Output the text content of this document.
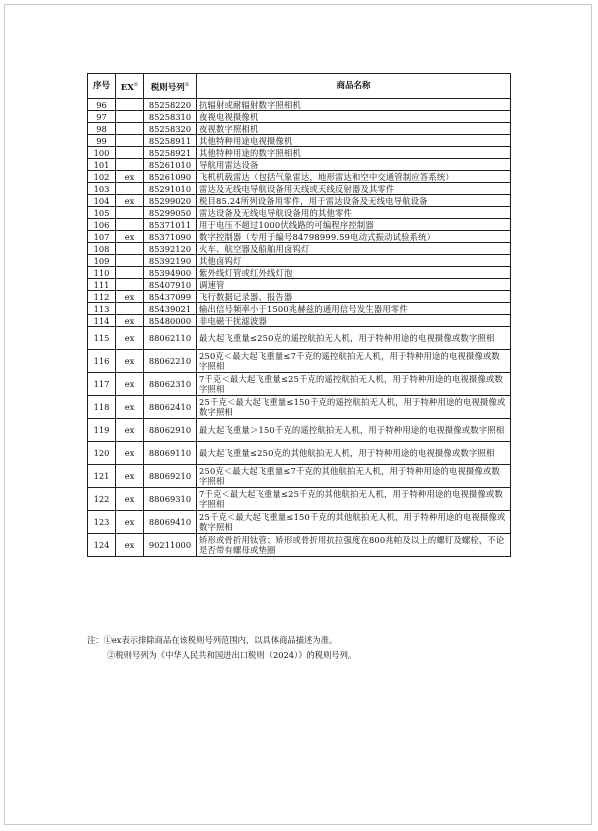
序号	EX①	税则号列②	商品名称
96		85258220	抗辐射或耐辐射数字照相机
97		85258310	夜视电视摄像机
98		85258320	夜视数字照相机
99		85258911	其他特种用途电视摄像机
100		85258921	其他特种用途的数字照相机
101		85261010	导航用雷达设备
102	ex	85261090	飞机机载雷达（包括气象雷达，地形雷达和空中交通管制应答系统）
103		85291010	雷达及无线电导航设备用天线或天线反射器及其零件
104	ex	85299020	税目85.24所列设备用零件，用于雷达设备及无线电导航设备
105		85299050	雷达设备及无线电导航设备用的其他零件
106		85371011	用于电压不超过1000伏线路的可编程序控制器
107	ex	85371090	数字控制器（专用于编号84798999.59电动式振动试验系统）
108		85392120	火车、航空器及船舶用卤钨灯
109		85392190	其他卤钨灯
110		85394900	紫外线灯管或红外线灯泡
111		85407910	调速管
112	ex	85437099	飞行数据记录器、报告器
113		85439021	输出信号频率小于1500兆赫兹的通用信号发生器用零件
114	ex	85480000	非电磁干扰滤波器
115	ex	88062110	最大起飞重量≤250克的遥控航拍无人机，用于特种用途的电视摄像或数字照相
116	ex	88062210	250克＜最大起飞重量≤7千克的遥控航拍无人机，用于特种用途的电视摄像或数字照相
117	ex	88062310	7千克＜最大起飞重量≤25千克的遥控航拍无人机，用于特种用途的电视摄像或数字照相
118	ex	88062410	25千克＜最大起飞重量≤150千克的遥控航拍无人机，用于特种用途的电视摄像或数字照相
119	ex	88062910	最大起飞重量＞150千克的遥控航拍无人机，用于特种用途的电视摄像或数字照相
120	ex	88069110	最大起飞重量≤250克的其他航拍无人机，用于特种用途的电视摄像或数字照相
121	ex	88069210	250克＜最大起飞重量≤7千克的其他航拍无人机，用于特种用途的电视摄像或数字照相
122	ex	88069310	7千克＜最大起飞重量≤25千克的其他航拍无人机，用于特种用途的电视摄像或数字照相
123	ex	88069410	25千克＜最大起飞重量≤150千克的其他航拍无人机，用于特种用途的电视摄像或数字照相
124	ex	90211000	矫形或骨折用钛管；矫形或骨折用抗拉强度在800兆帕及以上的螺钉及螺栓，不论是否带有螺母或垫圈
注：①ex表示排除商品在该税则号列范围内，以具体商品描述为准。
②税则号列为《中华人民共和国进出口税则（2024）》的税则号列。
